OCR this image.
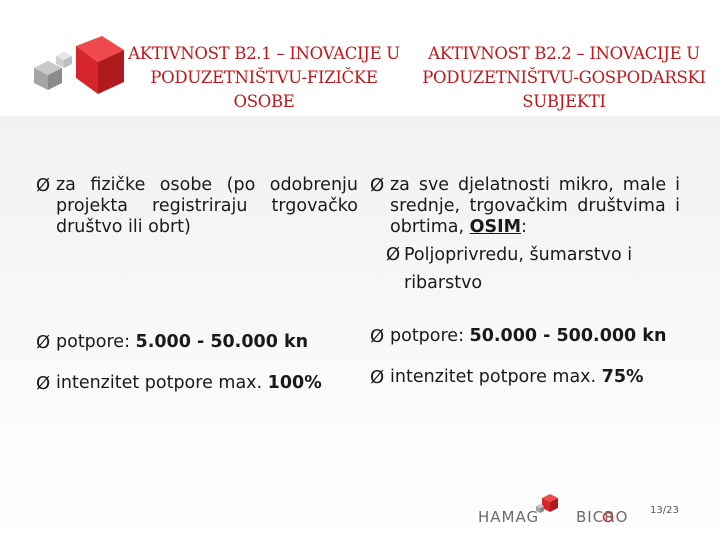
AKTIVNOST B2.1 – INOVACIJE U
PODUZETNIŠTVU-FIZIČKE
OSOBE
AKTIVNOST B2.2 – INOVACIJE U
PODUZETNIŠTVU-GOSPODARSKI
SUBJEKTI
Ø za fizičke osobe (po odobrenju projekta registriraju trgovačko društvo ili obrt)
Ø potpore: 5.000 - 50.000 kn
Ø intenzitet potpore max. 100%
Ø za sve djelatnosti mikro, male i srednje, trgovačkim društvima i obrtima, OSIM:
Ø Poljoprivredu, šumarstvo i ribarstvo
Ø potpore: 50.000 - 500.000 kn
Ø intenzitet potpore max. 75%
HAMAG BICRO 13/23
